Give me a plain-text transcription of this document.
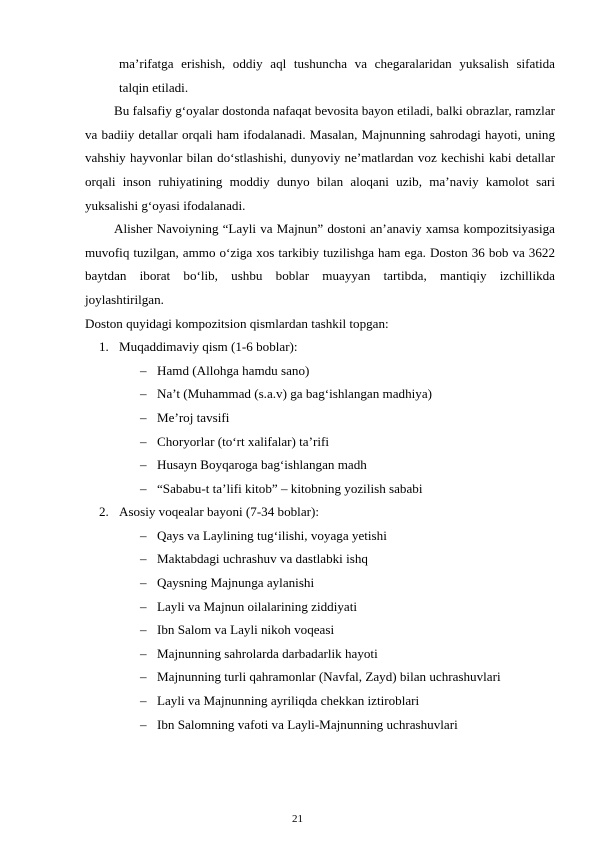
ma’rifatga erishish, oddiy aql tushuncha va chegaralaridan yuksalish sifatida
talqin etiladi.

Bu falsafiy g‘oyalar dostonda nafaqat bevosita bayon etiladi, balki obrazlar, ramzlar va badiiy detallar orqali ham ifodalanadi. Masalan, Majnunning sahrodagi hayoti, uning vahshiy hayvonlar bilan do‘stlashishi, dunyoviy ne’matlardan voz kechishi kabi detallar orqali inson ruhiyatining moddiy dunyo bilan aloqani uzib, ma’naviy kamolot sari yuksalishi g‘oyasi ifodalanadi.

Alisher Navoiyning “Layli va Majnun” dostoni an’anaviy xamsa kompozitsiyasiga muvofiq tuzilgan, ammo o‘ziga xos tarkibiy tuzilishga ham ega. Doston 36 bob va 3622 baytdan iborat bo‘lib, ushbu boblar muayyan tartibda, mantiqiy izchillikda joylashtirilgan.

Doston quyidagi kompozitsion qismlardan tashkil topgan:

1. Muqaddimaviy qism (1-6 boblar):
– Hamd (Allohga hamdu sano)
– Na’t (Muhammad (s.a.v) ga bag‘ishlangan madhiya)
– Me’roj tavsifi
– Choryorlar (to‘rt xalifalar) ta’rifi
– Husayn Boyqaroga bag‘ishlangan madh
– “Sababu-t ta’lifi kitob” – kitobning yozilish sababi
2. Asosiy voqealar bayoni (7-34 boblar):
– Qays va Laylining tug‘ilishi, voyaga yetishi
– Maktabdagi uchrashuv va dastlabki ishq
– Qaysning Majnunga aylanishi
– Layli va Majnun oilalarining ziddiyati
– Ibn Salom va Layli nikoh voqeasi
– Majnunning sahrolarda darbadarlik hayoti
– Majnunning turli qahramonlar (Navfal, Zayd) bilan uchrashuvlari
– Layli va Majnunning ayriliqda chekkan iztiroblari
– Ibn Salomning vafoti va Layli-Majnunning uchrashuvlari
21
